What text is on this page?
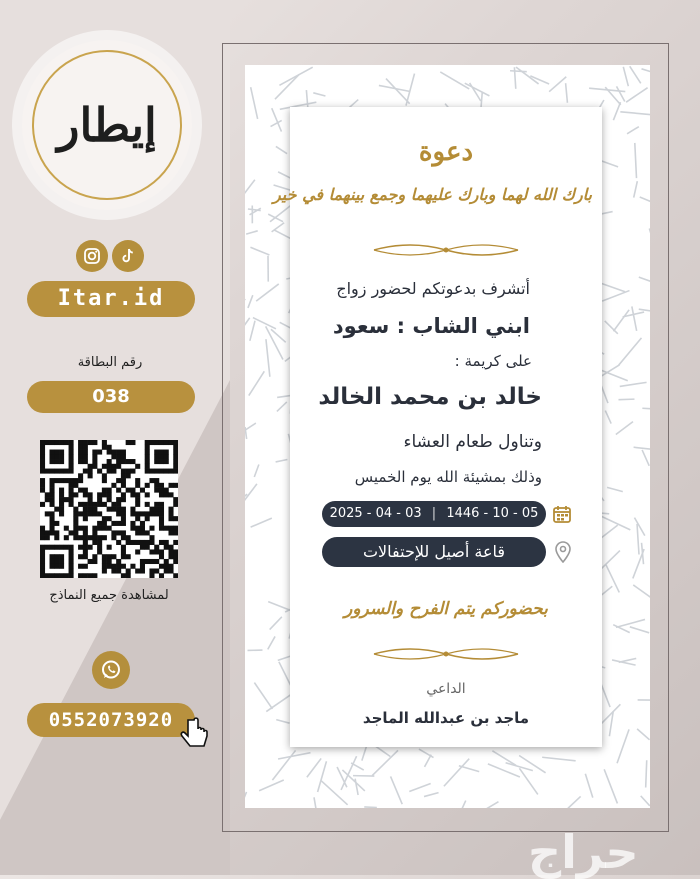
إيطار
Itar.id
رقم البطاقة
038
لمشاهدة جميع النماذج
0552073920
دعوة
بارك الله لهما وبارك عليهما وجمع بينهما في خير
أتشرف بدعوتكم لحضور زواج
ابني الشاب : سعود
على كريمة :
خالد بن محمد الخالد
وتناول طعام العشاء
وذلك بمشيئة الله يوم الخميس
2025 - 04 - 03 | 1446 - 10 - 05
قاعة أصيل للإحتفالات
بحضوركم يتم الفرح والسرور
الداعي
ماجد بن عبدالله الماجد
حراج
